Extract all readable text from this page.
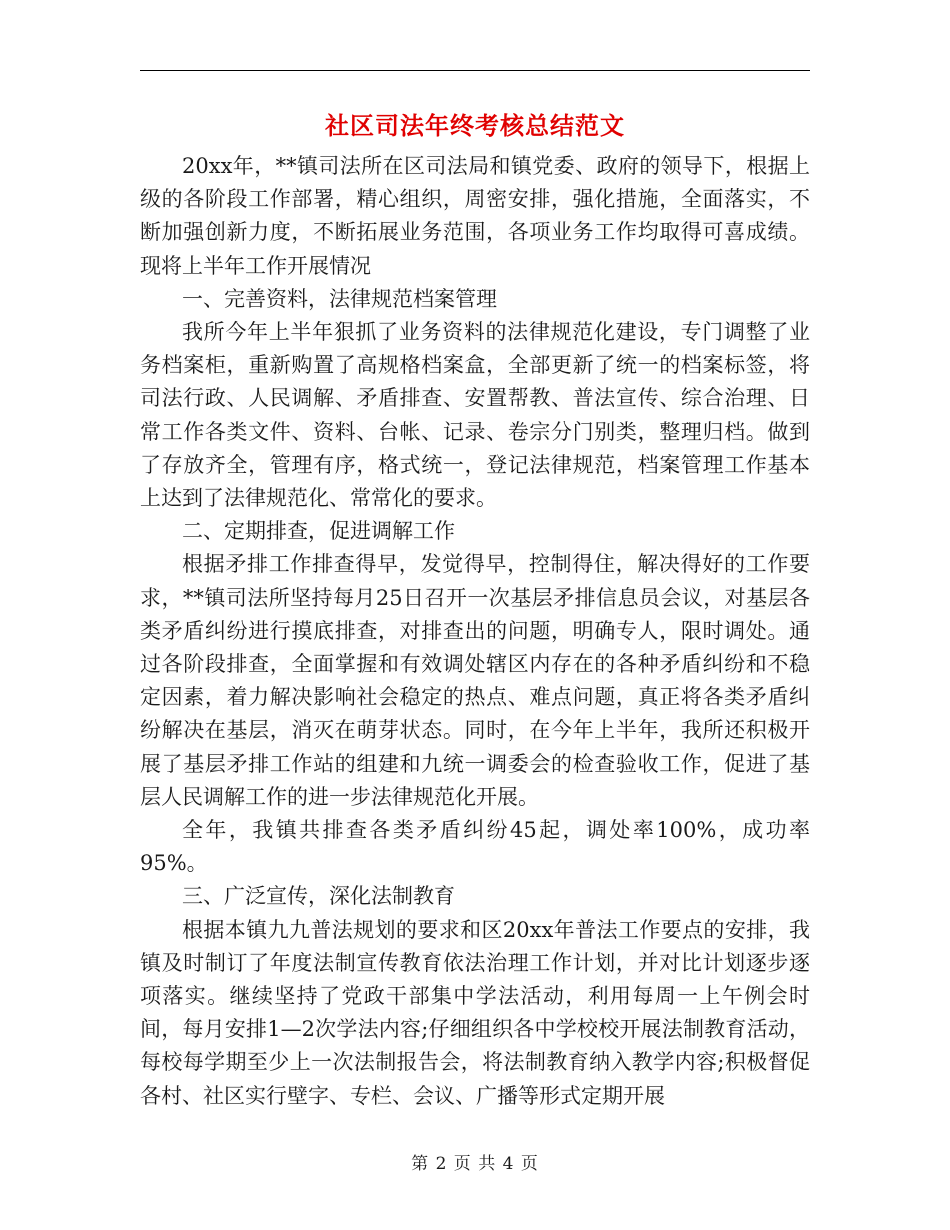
社区司法年终考核总结范文

20xx年，**镇司法所在区司法局和镇党委、政府的领导下，根据上级的各阶段工作部署，精心组织，周密安排，强化措施，全面落实，不断加强创新力度，不断拓展业务范围，各项业务工作均取得可喜成绩。现将上半年工作开展情况

一、完善资料，法律规范档案管理

我所今年上半年狠抓了业务资料的法律规范化建设，专门调整了业务档案柜，重新购置了高规格档案盒，全部更新了统一的档案标签，将司法行政、人民调解、矛盾排查、安置帮教、普法宣传、综合治理、日常工作各类文件、资料、台帐、记录、卷宗分门别类，整理归档。做到了存放齐全，管理有序，格式统一，登记法律规范，档案管理工作基本上达到了法律规范化、常常化的要求。

二、定期排查，促进调解工作

根据矛排工作排查得早，发觉得早，控制得住，解决得好的工作要求，**镇司法所坚持每月25日召开一次基层矛排信息员会议，对基层各类矛盾纠纷进行摸底排查，对排查出的问题，明确专人，限时调处。通过各阶段排查，全面掌握和有效调处辖区内存在的各种矛盾纠纷和不稳定因素，着力解决影响社会稳定的热点、难点问题，真正将各类矛盾纠纷解决在基层，消灭在萌芽状态。同时，在今年上半年，我所还积极开展了基层矛排工作站的组建和九统一调委会的检查验收工作，促进了基层人民调解工作的进一步法律规范化开展。

全年，我镇共排查各类矛盾纠纷45起，调处率100%，成功率95%。

三、广泛宣传，深化法制教育

根据本镇九九普法规划的要求和区20xx年普法工作要点的安排，我镇及时制订了年度法制宣传教育依法治理工作计划，并对比计划逐步逐项落实。继续坚持了党政干部集中学法活动，利用每周一上午例会时间，每月安排1—2次学法内容;仔细组织各中学校校开展法制教育活动，每校每学期至少上一次法制报告会，将法制教育纳入教学内容;积极督促各村、社区实行壁字、专栏、会议、广播等形式定期开展

第 2 页 共 4 页
